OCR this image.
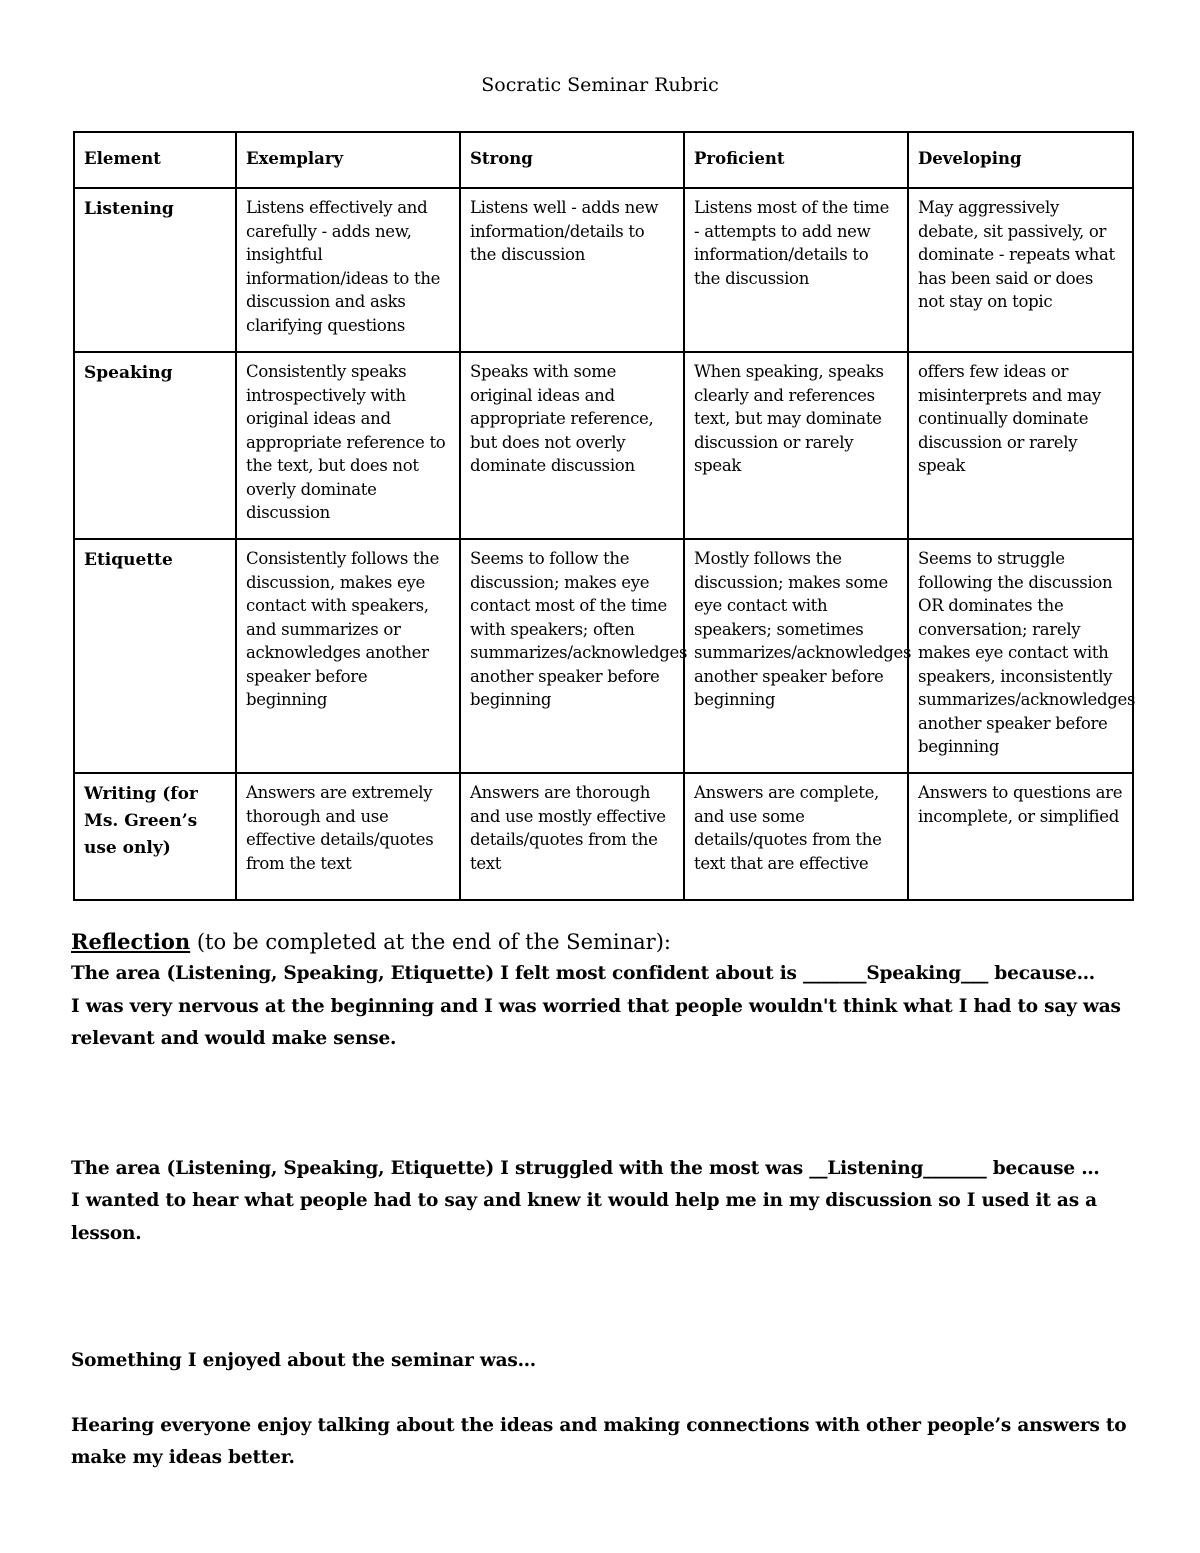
Socratic Seminar Rubric
Element	Exemplary	Strong	Proficient	Developing
Listening	Listens effectively and carefully - adds new, insightful information/ideas to the discussion and asks clarifying questions	Listens well - adds new information/details to the discussion	Listens most of the time - attempts to add new information/details to the discussion	May aggressively debate, sit passively, or dominate - repeats what has been said or does not stay on topic
Speaking	Consistently speaks introspectively with original ideas and appropriate reference to the text, but does not overly dominate discussion	Speaks with some original ideas and appropriate reference, but does not overly dominate discussion	When speaking, speaks clearly and references text, but may dominate discussion or rarely speak	offers few ideas or misinterprets and may continually dominate discussion or rarely speak
Etiquette	Consistently follows the discussion, makes eye contact with speakers, and summarizes or acknowledges another speaker before beginning	Seems to follow the discussion; makes eye contact most of the time with speakers; often summarizes/acknowledges another speaker before beginning	Mostly follows the discussion; makes some eye contact with speakers; sometimes summarizes/acknowledges another speaker before beginning	Seems to struggle following the discussion OR dominates the conversation; rarely makes eye contact with speakers, inconsistently summarizes/acknowledges another speaker before beginning
Writing (for Ms. Green’s use only)	Answers are extremely thorough and use effective details/quotes from the text	Answers are thorough and use mostly effective details/quotes from the text	Answers are complete, and use some details/quotes from the text that are effective	Answers to questions are incomplete, or simplified
Reflection (to be completed at the end of the Seminar):
The area (Listening, Speaking, Etiquette) I felt most confident about is _______Speaking___ because…
I was very nervous at the beginning and I was worried that people wouldn't think what I had to say was relevant and would make sense.
The area (Listening, Speaking, Etiquette) I struggled with the most was __Listening_______ because …
I wanted to hear what people had to say and knew it would help me in my discussion so I used it as a lesson.
Something I enjoyed about the seminar was…
Hearing everyone enjoy talking about the ideas and making connections with other people’s answers to make my ideas better.
